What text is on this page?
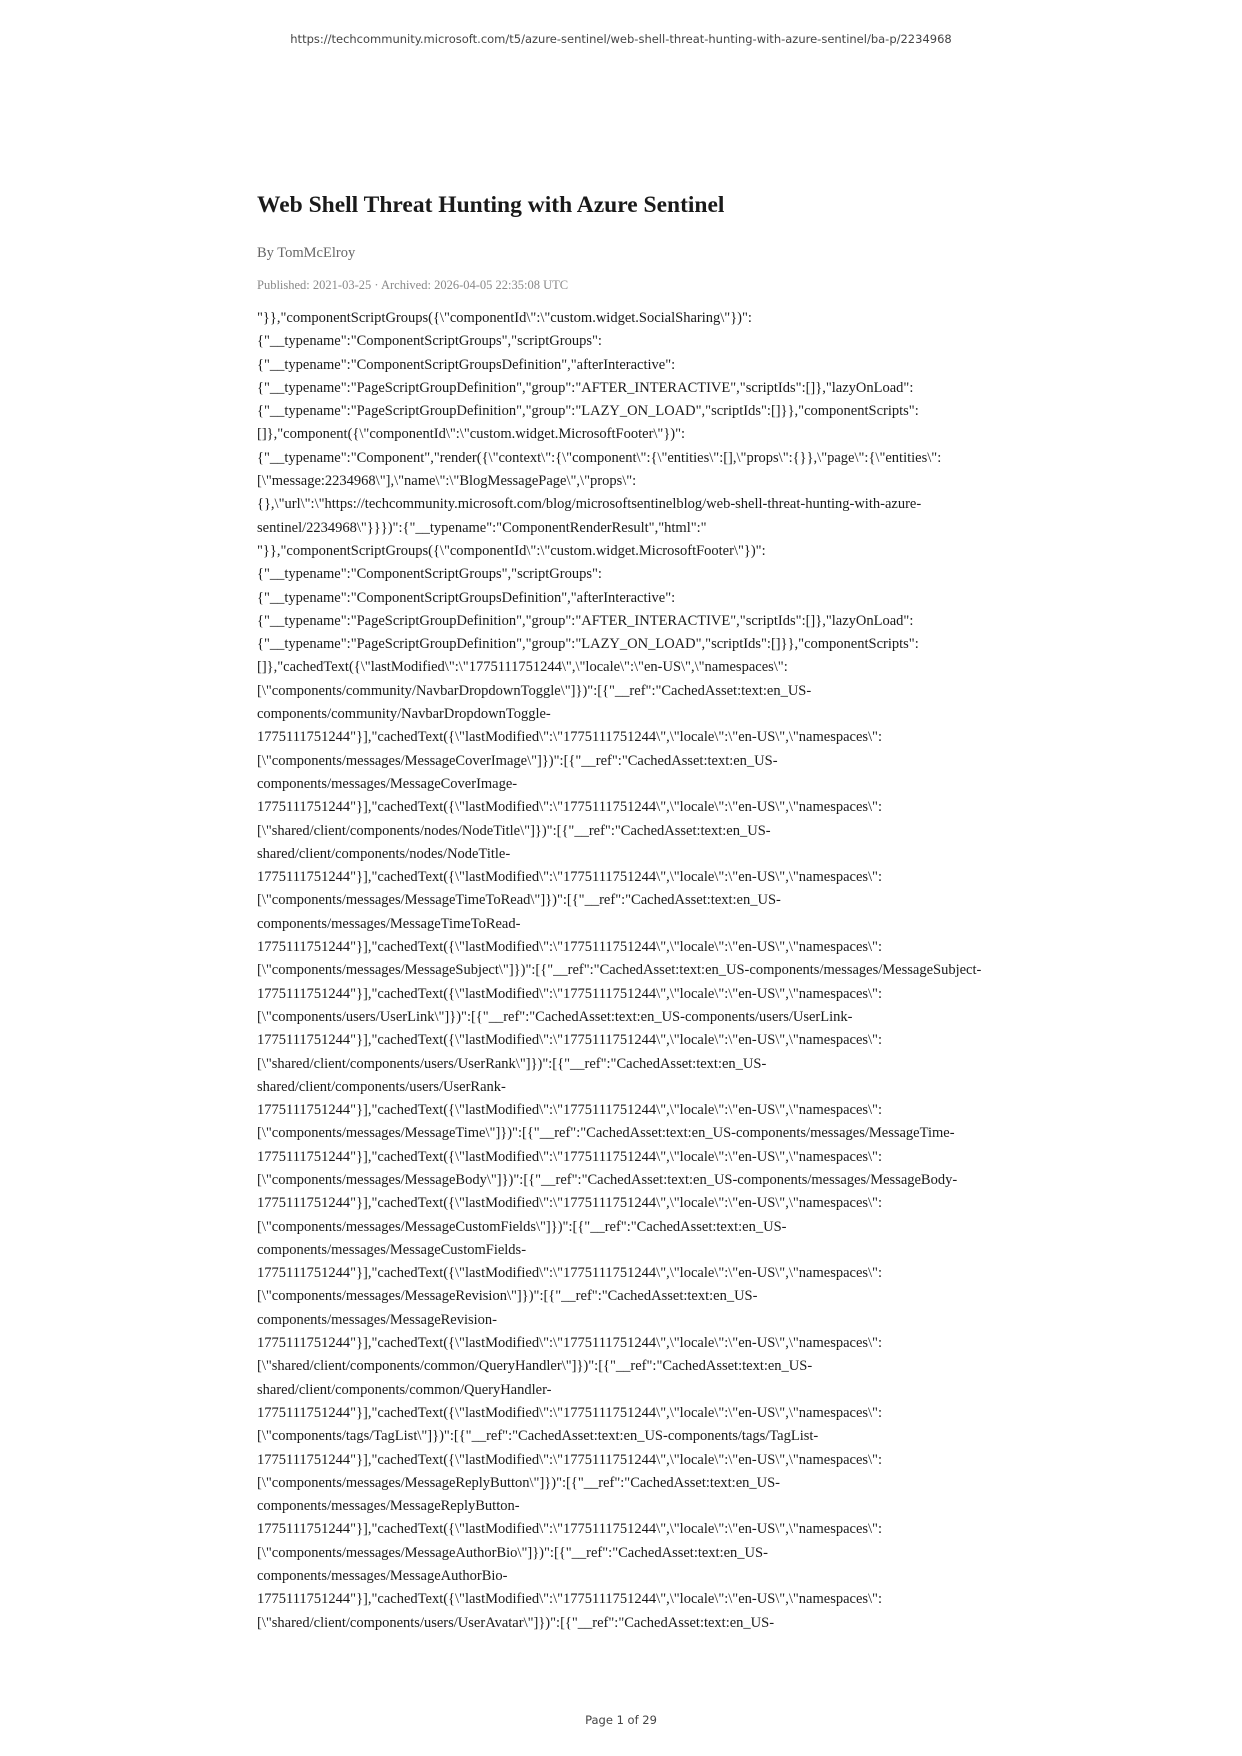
https://techcommunity.microsoft.com/t5/azure-sentinel/web-shell-threat-hunting-with-azure-sentinel/ba-p/2234968
Web Shell Threat Hunting with Azure Sentinel
By TomMcElroy
Published: 2021-03-25 · Archived: 2026-04-05 22:35:08 UTC
"}},"componentScriptGroups({\"componentId\":\"custom.widget.SocialSharing\"})":
{"__typename":"ComponentScriptGroups","scriptGroups":
{"__typename":"ComponentScriptGroupsDefinition","afterInteractive":
{"__typename":"PageScriptGroupDefinition","group":"AFTER_INTERACTIVE","scriptIds":[]},"lazyOnLoad":
{"__typename":"PageScriptGroupDefinition","group":"LAZY_ON_LOAD","scriptIds":[]}},"componentScripts":
[]},"component({\"componentId\":\"custom.widget.MicrosoftFooter\"})":
{"__typename":"Component","render({\"context\":{\"component\":{\"entities\":[],\"props\":{}},\"page\":{\"entities\":
[\"message:2234968\"],\"name\":\"BlogMessagePage\",\"props\":
{},\"url\":\"https://techcommunity.microsoft.com/blog/microsoftsentinelblog/web-shell-threat-hunting-with-azure-
sentinel/2234968\"}}})":{"__typename":"ComponentRenderResult","html":"
"}},"componentScriptGroups({\"componentId\":\"custom.widget.MicrosoftFooter\"})":
{"__typename":"ComponentScriptGroups","scriptGroups":
{"__typename":"ComponentScriptGroupsDefinition","afterInteractive":
{"__typename":"PageScriptGroupDefinition","group":"AFTER_INTERACTIVE","scriptIds":[]},"lazyOnLoad":
{"__typename":"PageScriptGroupDefinition","group":"LAZY_ON_LOAD","scriptIds":[]}},"componentScripts":
[]},"cachedText({\"lastModified\":\"1775111751244\",\"locale\":\"en-US\",\"namespaces\":
[\"components/community/NavbarDropdownToggle\"]})":[{"__ref":"CachedAsset:text:en_US-
components/community/NavbarDropdownToggle-
1775111751244"}],"cachedText({\"lastModified\":\"1775111751244\",\"locale\":\"en-US\",\"namespaces\":
[\"components/messages/MessageCoverImage\"]})":[{"__ref":"CachedAsset:text:en_US-
components/messages/MessageCoverImage-
1775111751244"}],"cachedText({\"lastModified\":\"1775111751244\",\"locale\":\"en-US\",\"namespaces\":
[\"shared/client/components/nodes/NodeTitle\"]})":[{"__ref":"CachedAsset:text:en_US-
shared/client/components/nodes/NodeTitle-
1775111751244"}],"cachedText({\"lastModified\":\"1775111751244\",\"locale\":\"en-US\",\"namespaces\":
[\"components/messages/MessageTimeToRead\"]})":[{"__ref":"CachedAsset:text:en_US-
components/messages/MessageTimeToRead-
1775111751244"}],"cachedText({\"lastModified\":\"1775111751244\",\"locale\":\"en-US\",\"namespaces\":
[\"components/messages/MessageSubject\"]})":[{"__ref":"CachedAsset:text:en_US-components/messages/MessageSubject-
1775111751244"}],"cachedText({\"lastModified\":\"1775111751244\",\"locale\":\"en-US\",\"namespaces\":
[\"components/users/UserLink\"]})":[{"__ref":"CachedAsset:text:en_US-components/users/UserLink-
1775111751244"}],"cachedText({\"lastModified\":\"1775111751244\",\"locale\":\"en-US\",\"namespaces\":
[\"shared/client/components/users/UserRank\"]})":[{"__ref":"CachedAsset:text:en_US-
shared/client/components/users/UserRank-
1775111751244"}],"cachedText({\"lastModified\":\"1775111751244\",\"locale\":\"en-US\",\"namespaces\":
[\"components/messages/MessageTime\"]})":[{"__ref":"CachedAsset:text:en_US-components/messages/MessageTime-
1775111751244"}],"cachedText({\"lastModified\":\"1775111751244\",\"locale\":\"en-US\",\"namespaces\":
[\"components/messages/MessageBody\"]})":[{"__ref":"CachedAsset:text:en_US-components/messages/MessageBody-
1775111751244"}],"cachedText({\"lastModified\":\"1775111751244\",\"locale\":\"en-US\",\"namespaces\":
[\"components/messages/MessageCustomFields\"]})":[{"__ref":"CachedAsset:text:en_US-
components/messages/MessageCustomFields-
1775111751244"}],"cachedText({\"lastModified\":\"1775111751244\",\"locale\":\"en-US\",\"namespaces\":
[\"components/messages/MessageRevision\"]})":[{"__ref":"CachedAsset:text:en_US-
components/messages/MessageRevision-
1775111751244"}],"cachedText({\"lastModified\":\"1775111751244\",\"locale\":\"en-US\",\"namespaces\":
[\"shared/client/components/common/QueryHandler\"]})":[{"__ref":"CachedAsset:text:en_US-
shared/client/components/common/QueryHandler-
1775111751244"}],"cachedText({\"lastModified\":\"1775111751244\",\"locale\":\"en-US\",\"namespaces\":
[\"components/tags/TagList\"]})":[{"__ref":"CachedAsset:text:en_US-components/tags/TagList-
1775111751244"}],"cachedText({\"lastModified\":\"1775111751244\",\"locale\":\"en-US\",\"namespaces\":
[\"components/messages/MessageReplyButton\"]})":[{"__ref":"CachedAsset:text:en_US-
components/messages/MessageReplyButton-
1775111751244"}],"cachedText({\"lastModified\":\"1775111751244\",\"locale\":\"en-US\",\"namespaces\":
[\"components/messages/MessageAuthorBio\"]})":[{"__ref":"CachedAsset:text:en_US-
components/messages/MessageAuthorBio-
1775111751244"}],"cachedText({\"lastModified\":\"1775111751244\",\"locale\":\"en-US\",\"namespaces\":
[\"shared/client/components/users/UserAvatar\"]})":[{"__ref":"CachedAsset:text:en_US-
Page 1 of 29
